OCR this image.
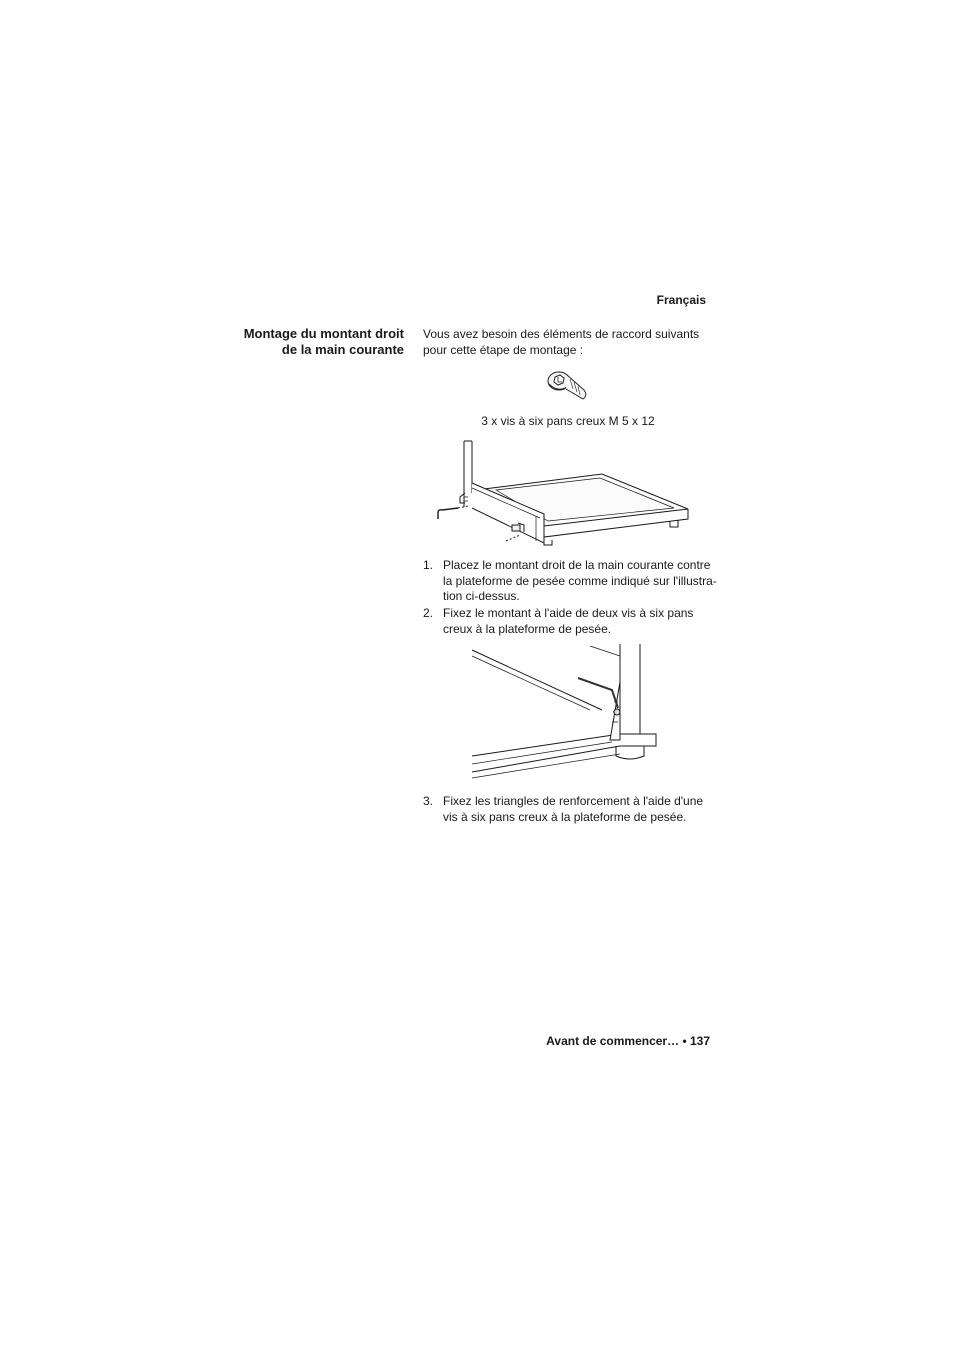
Français
Montage du montant droit de la main courante
Vous avez besoin des éléments de raccord suivants pour cette étape de montage :
3 x vis à six pans creux M 5 x 12
1. Placez le montant droit de la main courante contre la plateforme de pesée comme indiqué sur l'illustra-tion ci-dessus.
2. Fixez le montant à l'aide de deux vis à six pans creux à la plateforme de pesée.
3. Fixez les triangles de renforcement à l'aide d'une vis à six pans creux à la plateforme de pesée.
Avant de commencer… • 137
